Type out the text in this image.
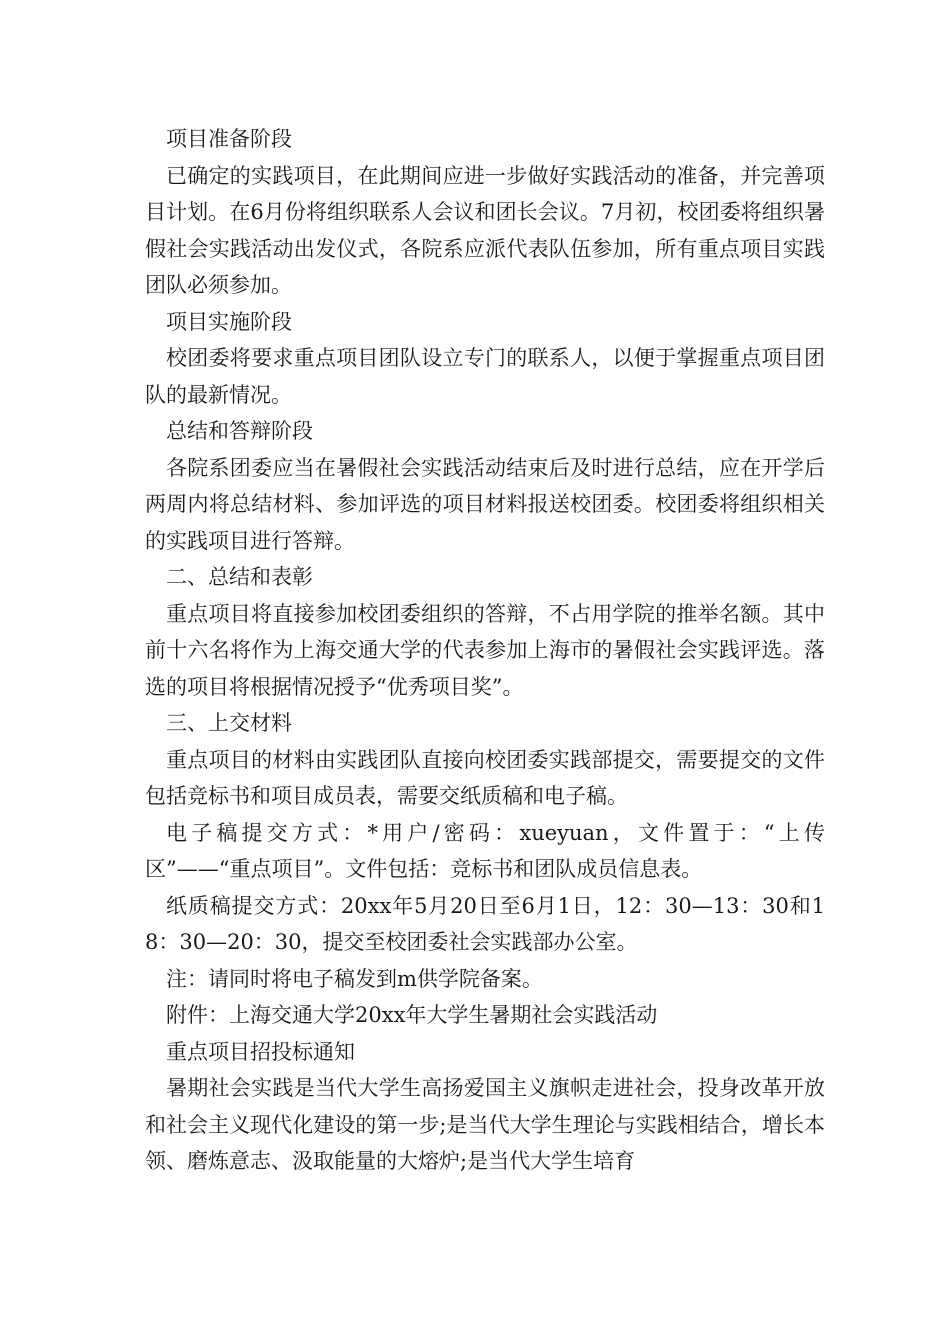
项目准备阶段

已确定的实践项目，在此期间应进一步做好实践活动的准备，并完善项目计划。在6月份将组织联系人会议和团长会议。7月初，校团委将组织暑假社会实践活动出发仪式，各院系应派代表队伍参加，所有重点项目实践团队必须参加。

项目实施阶段

校团委将要求重点项目团队设立专门的联系人，以便于掌握重点项目团队的最新情况。

总结和答辩阶段

各院系团委应当在暑假社会实践活动结束后及时进行总结，应在开学后两周内将总结材料、参加评选的项目材料报送校团委。校团委将组织相关的实践项目进行答辩。

二、总结和表彰

重点项目将直接参加校团委组织的答辩，不占用学院的推举名额。其中前十六名将作为上海交通大学的代表参加上海市的暑假社会实践评选。落选的项目将根据情况授予“优秀项目奖”。

三、上交材料

重点项目的材料由实践团队直接向校团委实践部提交，需要提交的文件包括竞标书和项目成员表，需要交纸质稿和电子稿。

电子稿提交方式：*用户/密码：xueyuan，文件置于：“上传区”——“重点项目”。文件包括：竞标书和团队成员信息表。

纸质稿提交方式：20xx年5月20日至6月1日，12：30—13：30和18：30—20：30，提交至校团委社会实践部办公室。

注：请同时将电子稿发到m供学院备案。

附件：上海交通大学20xx年大学生暑期社会实践活动

重点项目招投标通知

暑期社会实践是当代大学生高扬爱国主义旗帜走进社会，投身改革开放和社会主义现代化建设的第一步;是当代大学生理论与实践相结合，增长本领、磨炼意志、汲取能量的大熔炉;是当代大学生培育
